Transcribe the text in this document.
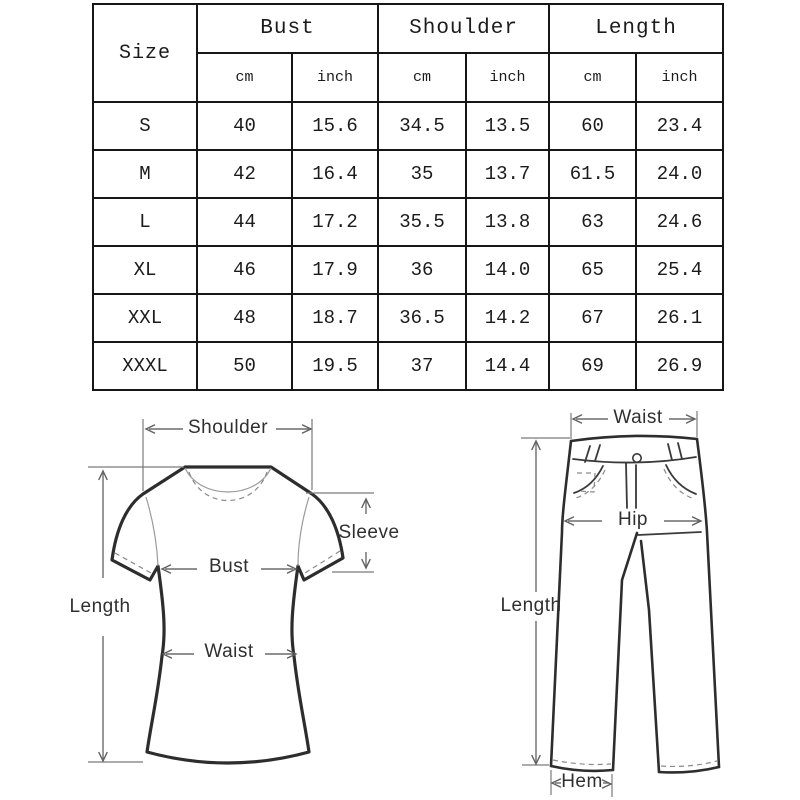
Size	Bust		Shoulder		Length	
	cm	inch	cm	inch	cm	inch
S	40	15.6	34.5	13.5	60	23.4
M	42	16.4	35	13.7	61.5	24.0
L	44	17.2	35.5	13.8	63	24.6
XL	46	17.9	36	14.0	65	25.4
XXL	48	18.7	36.5	14.2	67	26.1
XXXL	50	19.5	37	14.4	69	26.9
Shoulder
Length
Bust
Waist
Sleeve
Waist
Hip
Length
Hem
